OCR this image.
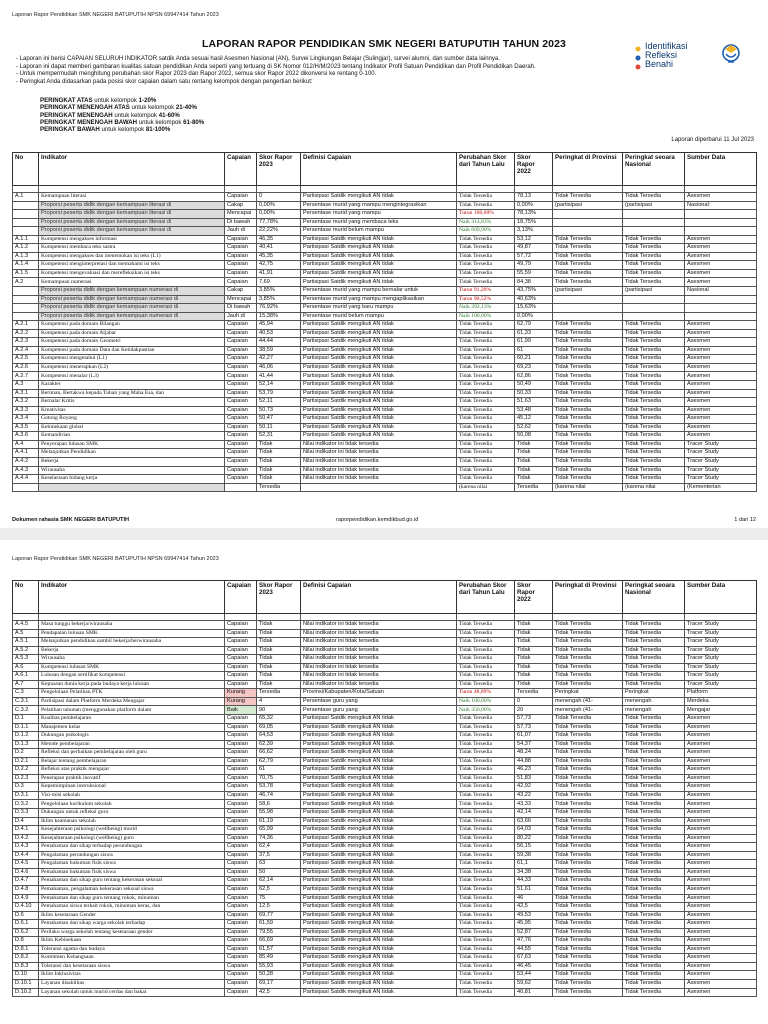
Laporan Rapor Pendidikan SMK NEGERI BATUPUTIH NPSN 69947414 Tahun 2023
LAPORAN RAPOR PENDIDIKAN SMK NEGERI BATUPUTIH TAHUN 2023	Identifikasi
Refleksi
Benahi

- Laporan ini berisi CAPAIAN SELURUH INDIKATOR satdik Anda sesuai hasil Asesmen Nasional (AN), Survei Lingkungan Belajar (Sulingjar), survei alumni, dan sumber data lainnya.

- Laporan ini dapat memberi gambaran kualitas satuan pendidikan Anda seperti yang tertuang di SK Nomor 012/H/M/2023 tentang Indikator Profil Satuan Pendidikan dan Profil Pendidikan Daerah.

- Untuk mempermudah menghitung perubahan skor Rapor 2023 dan Rapor 2022, semua skor Rapor 2022 dikonversi ke rentang 0-100.

- Peringkat Anda didasarkan pada posisi skor capaian dalam satu rentang kelompok dengan pengertian berikut:

PERINGKAT ATAS untuk kelompok 1-20%
PERINGKAT MENENGAH ATAS untuk kelompok 21-40%
PERINGKAT MENENGAH untuk kelompok 41-60%
PERINGKAT MENENGAH BAWAH untuk kelompok 61-80%
PERINGKAT BAWAH untuk kelompok 81-100%
Laporan diperbarui 11 Jul 2023
No	Indikator	Capaian	Skor Rapor 2023	Definisi Capaian	Perubahan Skor dari Tahun Lalu	Skor Rapor 2022	Peringkat di Provinsi	Peringkat seoara Nasional	Sumber Data

A.1	Kemampuan literasi	Capaian	0	Partisipasi Satdik mengikuti AN tidak	Tidak Tersedia	78,13	Tidak Tersedia	Tidak Tersedia	Asesmen
	Proporsi peserta didik dengan kemampuan literasi di	Cakap	0,00%	Persentase murid yang mampu mengintegrasikan	Tidak Tersedia	0,00%	(partisipasi	(partisipasi	Nasional:
	Proporsi peserta didik dengan kemampuan literasi di	Mencapai	0,00%	Persentase murid yang mampu	Turun 100,00%	78,13%			
	Proporsi peserta didik dengan kemampuan literasi di	Di bawah	77,78%	Persentase murid yang membaca teks	Naik 314,83%	18,75%			
	Proporsi peserta didik dengan kemampuan literasi di	Jauh di	22,22%	Persentase murid belum mampu	Naik 609,90%	3,13%			
A.1.1	Kompetensi mengakses informasi	Capaian	46,35	Partisipasi Satdik mengikuti AN tidak	Tidak Tersedia	53,12	Tidak Tersedia	Tidak Tersedia	Asesmen
A.1.2	Kompetensi membaca teks sastra	Capaian	40,41	Partisipasi Satdik mengikuti AN tidak	Tidak Tersedia	49,87	Tidak Tersedia	Tidak Tersedia	Asesmen
A.1.3	Kompetensi mengakses dan menemukan isi teks (L1)	Capaian	45,35	Partisipasi Satdik mengikuti AN tidak	Tidak Tersedia	57,72	Tidak Tersedia	Tidak Tersedia	Asesmen
A.1.4	Kompetensi menginterpretasi dan memahami isi teks	Capaian	42,75	Partisipasi Satdik mengikuti AN tidak	Tidak Tersedia	49,79	Tidak Tersedia	Tidak Tersedia	Asesmen
A.1.5	Kompetensi mengevaluasi dan merefleksikan isi teks	Capaian	41,91	Partisipasi Satdik mengikuti AN tidak	Tidak Tersedia	55,59	Tidak Tersedia	Tidak Tersedia	Asesmen
A.2	Kemampuan numerasi	Capaian	7,69	Partisipasi Satdik mengikuti AN tidak	Tidak Tersedia	84,38	Tidak Tersedia	Tidak Tersedia	Asesmen
	Proporsi peserta didik dengan kemampuan numerasi di	Cakap	3,85%	Persentase murid yang mampu bernalar untuk	Turun 91,20%	43,75%	(partisipasi	(partisipasi	Nasional
	Proporsi peserta didik dengan kemampuan numerasi di	Mencapai	3,85%	Persentase murid yang mampu mengaplikasikan	Turun 90,52%	40,63%			
	Proporsi peserta didik dengan kemampuan numerasi di	Di bawah	76,92%	Persentase murid yang baru mampu	Naik 392,13%	15,63%			
	Proporsi peserta didik dengan kemampuan numerasi di	Jauh di	15,38%	Persentase murid belum mampu	Naik 100,00%	0,00%			
A.2.1	Kompetensi pada domain Bilangan	Capaian	45,94	Partisipasi Satdik mengikuti AN tidak	Tidak Tersedia	62,79	Tidak Tersedia	Tidak Tersedia	Asesmen
A.2.2	Kompetensi pada domain Aljabar	Capaian	40,53	Partisipasi Satdik mengikuti AN tidak	Tidak Tersedia	61,33	Tidak Tersedia	Tidak Tersedia	Asesmen
A.2.3	Kompetensi pada domain Geometri	Capaian	44,44	Partisipasi Satdik mengikuti AN tidak	Tidak Tersedia	61,99	Tidak Tersedia	Tidak Tersedia	Asesmen
A.2.4	Kompetensi pada domain Data dan Ketidakpastian	Capaian	38,59	Partisipasi Satdik mengikuti AN tidak	Tidak Tersedia	61	Tidak Tersedia	Tidak Tersedia	Asesmen
A.2.5	Kompetensi mengetahui (L1)	Capaian	42,27	Partisipasi Satdik mengikuti AN tidak	Tidak Tersedia	60,21	Tidak Tersedia	Tidak Tersedia	Asesmen
A.2.6	Kompetensi menerapkan (L2)	Capaian	46,06	Partisipasi Satdik mengikuti AN tidak	Tidak Tersedia	69,23	Tidak Tersedia	Tidak Tersedia	Asesmen
A.2.7	Kompetensi menalar (L3)	Capaian	41,44	Partisipasi Satdik mengikuti AN tidak	Tidak Tersedia	62,86	Tidak Tersedia	Tidak Tersedia	Asesmen
A.3	Karakter	Capaian	52,14	Partisipasi Satdik mengikuti AN tidak	Tidak Tersedia	50,49	Tidak Tersedia	Tidak Tersedia	Asesmen
A.3.1	Beriman, Bertakwa kepada Tuhan yang Maha Esa, dan	Capaian	53,79	Partisipasi Satdik mengikuti AN tidak	Tidak Tersedia	50,33	Tidak Tersedia	Tidak Tersedia	Asesmen
A.3.2	Bernalar Kritis	Capaian	52,11	Partisipasi Satdik mengikuti AN tidak	Tidak Tersedia	51,63	Tidak Tersedia	Tidak Tersedia	Asesmen
A.3.3	Kreativitas	Capaian	50,73	Partisipasi Satdik mengikuti AN tidak	Tidak Tersedia	53,48	Tidak Tersedia	Tidak Tersedia	Asesmen
A.3.4	Gotong Royong	Capaian	50,47	Partisipasi Satdik mengikuti AN tidak	Tidak Tersedia	45,12	Tidak Tersedia	Tidak Tersedia	Asesmen
A.3.5	Kebinekaan global	Capaian	50,11	Partisipasi Satdik mengikuti AN tidak	Tidak Tersedia	52,62	Tidak Tersedia	Tidak Tersedia	Asesmen
A.3.6	Kemandirian	Capaian	52,31	Partisipasi Satdik mengikuti AN tidak	Tidak Tersedia	50,08	Tidak Tersedia	Tidak Tersedia	Asesmen
A.4	Penyerapan lulusan SMK	Capaian	Tidak	Nilai indikator ini tidak tersedia	Tidak Tersedia	Tidak	Tidak Tersedia	Tidak Tersedia	Tracer Study
A.4.1	Melanjutkan Pendidikan	Capaian	Tidak	Nilai indikator ini tidak tersedia	Tidak Tersedia	Tidak	Tidak Tersedia	Tidak Tersedia	Tracer Study
A.4.2	Bekerja	Capaian	Tidak	Nilai indikator ini tidak tersedia	Tidak Tersedia	Tidak	Tidak Tersedia	Tidak Tersedia	Tracer Study
A.4.3	Wirausaha	Capaian	Tidak	Nilai indikator ini tidak tersedia	Tidak Tersedia	Tidak	Tidak Tersedia	Tidak Tersedia	Tracer Study
A.4.4	Keselarasan bidang kerja	Capaian	Tidak	Nilai indikator ini tidak tersedia	Tidak Tersedia	Tidak	Tidak Tersedia	Tidak Tersedia	Tracer Study
			Tersedia		(karena nilai	Tersedia	(karena nilai	(karena nilai	(Kementerian
Dokumen rahasia SMK NEGERI BATUPUTIH	raporpendidikan.kemdikbud.go.id	1 dari 12
Laporan Rapor Pendidikan SMK NEGERI BATUPUTIH NPSN 69947414 Tahun 2023
No	Indikator	Capaian	Skor Rapor 2023	Definisi Capaian	Perubahan Skor dari Tahun Lalu	Skor Rapor 2022	Peringkat di Provinsi	Peringkat seoara Nasional	Sumber Data

A.4.5	Masa tunggu bekerja/wirausaha	Capaian	Tidak	Nilai indikator ini tidak tersedia	Tidak Tersedia	Tidak	Tidak Tersedia	Tidak Tersedia	Tracer Study
A.5	Pendapatan lulusan SMK	Capaian	Tidak	Nilai indikator ini tidak tersedia	Tidak Tersedia	Tidak	Tidak Tersedia	Tidak Tersedia	Tracer Study
A.5.1	Melanjutkan pendidikan sambil bekerja/berwirausaha	Capaian	Tidak	Nilai indikator ini tidak tersedia	Tidak Tersedia	Tidak	Tidak Tersedia	Tidak Tersedia	Tracer Study
A.5.2	Bekerja	Capaian	Tidak	Nilai indikator ini tidak tersedia	Tidak Tersedia	Tidak	Tidak Tersedia	Tidak Tersedia	Tracer Study
A.5.3	Wirausaha	Capaian	Tidak	Nilai indikator ini tidak tersedia	Tidak Tersedia	Tidak	Tidak Tersedia	Tidak Tersedia	Tracer Study
A.6	Kompetensi lulusan SMK	Capaian	Tidak	Nilai indikator ini tidak tersedia	Tidak Tersedia	Tidak	Tidak Tersedia	Tidak Tersedia	Tracer Study
A.6.1	Lulusan dengan sertifikat kompetensi	Capaian	Tidak	Nilai indikator ini tidak tersedia	Tidak Tersedia	Tidak	Tidak Tersedia	Tidak Tersedia	Tracer Study
A.7	Kepuasan dunia kerja pada budaya kerja lulusan	Capaian	Tidak	Nilai indikator ini tidak tersedia	Tidak Tersedia	Tidak	Tidak Tersedia	Tidak Tersedia	Tracer Study
C.3	Pengelolaan Pelatihan PTK	Kurang	Tersedia	Provinsi/Kabupaten/Kota/Satuan	Turun 48,89%	Tersedia	Peringkat	Peringkat	Platform
C.3.1	Partisipasi dalam Platform Merdeka Mengajar	Kurang	4	Persentase guru yang	Naik 100,00%	0	menengah (41-	menengah	Merdeka
C.3.2	Pelatihan tahunan (menggunakan platform dalam	Baik	90	Persentase guru yang	Naik 350,00%	20	menengah (41-	menengah	Mengajar
D.1	Kualitas pembelajaran	Capaian	65,32	Partisipasi Satdik mengikuti AN tidak	Tidak Tersedia	57,73	Tidak Tersedia	Tidak Tersedia	Asesmen
D.1.1	Manajemen kelas	Capaian	69,05	Partisipasi Satdik mengikuti AN tidak	Tidak Tersedia	57,73	Tidak Tersedia	Tidak Tersedia	Asesmen
D.1.2	Dukungan psikologis	Capaian	64,53	Partisipasi Satdik mengikuti AN tidak	Tidak Tersedia	61,07	Tidak Tersedia	Tidak Tersedia	Asesmen
D.1.3	Metode pembelajaran	Capaian	62,39	Partisipasi Satdik mengikuti AN tidak	Tidak Tersedia	54,37	Tidak Tersedia	Tidak Tersedia	Asesmen
D.2	Refleksi dan perbaikan pembelajaran oleh guru	Capaian	66,62	Partisipasi Satdik mengikuti AN tidak	Tidak Tersedia	48,24	Tidak Tersedia	Tidak Tersedia	Asesmen
D.2.1	Belajar tentang pembelajaran	Capaian	62,79	Partisipasi Satdik mengikuti AN tidak	Tidak Tersedia	44,88	Tidak Tersedia	Tidak Tersedia	Asesmen
D.2.2	Refleksi atas praktik mengajar	Capaian	61	Partisipasi Satdik mengikuti AN tidak	Tidak Tersedia	46,23	Tidak Tersedia	Tidak Tersedia	Asesmen
D.2.3	Penerapan praktik inovatif	Capaian	70,75	Partisipasi Satdik mengikuti AN tidak	Tidak Tersedia	51,83	Tidak Tersedia	Tidak Tersedia	Asesmen
D.3	Kepemimpinan instruksional	Capaian	53,78	Partisipasi Satdik mengikuti AN tidak	Tidak Tersedia	42,92	Tidak Tersedia	Tidak Tersedia	Asesmen
D.3.1	Visi-misi sekolah	Capaian	46,74	Partisipasi Satdik mengikuti AN tidak	Tidak Tersedia	43,22	Tidak Tersedia	Tidak Tersedia	Asesmen
D.3.2	Pengelolaan kurikulum sekolah	Capaian	58,6	Partisipasi Satdik mengikuti AN tidak	Tidak Tersedia	43,33	Tidak Tersedia	Tidak Tersedia	Asesmen
D.3.3	Dukungan untuk refleksi guru	Capaian	55,98	Partisipasi Satdik mengikuti AN tidak	Tidak Tersedia	42,14	Tidak Tersedia	Tidak Tersedia	Asesmen
D.4	Iklim keamanan sekolah	Capaian	61,19	Partisipasi Satdik mengikuti AN tidak	Tidak Tersedia	63,66	Tidak Tersedia	Tidak Tersedia	Asesmen
D.4.1	Kesejahteraan psikologi (wellbeing) murid	Capaian	65,99	Partisipasi Satdik mengikuti AN tidak	Tidak Tersedia	64,03	Tidak Tersedia	Tidak Tersedia	Asesmen
D.4.2	Kesejahteraan psikologi (wellbeing) guru	Capaian	74,36	Partisipasi Satdik mengikuti AN tidak	Tidak Tersedia	80,22	Tidak Tersedia	Tidak Tersedia	Asesmen
D.4.3	Pemahaman dan sikap terhadap perundungan	Capaian	62,4	Partisipasi Satdik mengikuti AN tidak	Tidak Tersedia	56,15	Tidak Tersedia	Tidak Tersedia	Asesmen
D.4.4	Pengalaman perundungan siswa	Capaian	37,5	Partisipasi Satdik mengikuti AN tidak	Tidak Tersedia	59,38	Tidak Tersedia	Tidak Tersedia	Asesmen
D.4.5	Pengalaman hukuman fisik siswa	Capaian	63	Partisipasi Satdik mengikuti AN tidak	Tidak Tersedia	61,1	Tidak Tersedia	Tidak Tersedia	Asesmen
D.4.6	Pemahaman hukuman fisik siswa	Capaian	50	Partisipasi Satdik mengikuti AN tidak	Tidak Tersedia	34,38	Tidak Tersedia	Tidak Tersedia	Asesmen
D.4.7	Pemahaman dan sikap guru tentang kekerasan seksual	Capaian	62,14	Partisipasi Satdik mengikuti AN tidak	Tidak Tersedia	44,33	Tidak Tersedia	Tidak Tersedia	Asesmen
D.4.8	Pemahaman, pengalaman kekerasan seksual siswa	Capaian	62,5	Partisipasi Satdik mengikuti AN tidak	Tidak Tersedia	51,61	Tidak Tersedia	Tidak Tersedia	Asesmen
D.4.9	Pemahaman dan sikap guru tentang rokok, minuman	Capaian	75	Partisipasi Satdik mengikuti AN tidak	Tidak Tersedia	46	Tidak Tersedia	Tidak Tersedia	Asesmen
D.4.10	Pemahaman siswa terkait rokok, minuman keras, dan	Capaian	12,5	Partisipasi Satdik mengikuti AN tidak	Tidak Tersedia	42,5	Tidak Tersedia	Tidak Tersedia	Asesmen
D.6	Iklim kesetaraan Gender	Capaian	69,77	Partisipasi Satdik mengikuti AN tidak	Tidak Tersedia	49,53	Tidak Tersedia	Tidak Tersedia	Asesmen
D.6.1	Pemahaman dan sikap warga sekolah terhadap	Capaian	61,59	Partisipasi Satdik mengikuti AN tidak	Tidak Tersedia	45,95	Tidak Tersedia	Tidak Tersedia	Asesmen
D.6.2	Perilaku warga sekolah tentang kesetaraan gender	Capaian	79,55	Partisipasi Satdik mengikuti AN tidak	Tidak Tersedia	52,87	Tidak Tersedia	Tidak Tersedia	Asesmen
D.8	Iklim Kebinekaan	Capaian	66,69	Partisipasi Satdik mengikuti AN tidak	Tidak Tersedia	47,76	Tidak Tersedia	Tidak Tersedia	Asesmen
D.8.1	Toleransi agama dan budaya	Capaian	61,57	Partisipasi Satdik mengikuti AN tidak	Tidak Tersedia	44,55	Tidak Tersedia	Tidak Tersedia	Asesmen
D.8.2	Komitmen Kebangsaan	Capaian	85,49	Partisipasi Satdik mengikuti AN tidak	Tidak Tersedia	67,63	Tidak Tersedia	Tidak Tersedia	Asesmen
D.8.3	Toleransi dan kesetaraan siswa	Capaian	55,93	Partisipasi Satdik mengikuti AN tidak	Tidak Tersedia	46,45	Tidak Tersedia	Tidak Tersedia	Asesmen
D.10	Iklim Inklusivitas	Capaian	50,28	Partisipasi Satdik mengikuti AN tidak	Tidak Tersedia	53,44	Tidak Tersedia	Tidak Tersedia	Asesmen
D.10.1	Layanan disabilitas	Capaian	69,17	Partisipasi Satdik mengikuti AN tidak	Tidak Tersedia	59,62	Tidak Tersedia	Tidak Tersedia	Asesmen
D.10.2	Layanan sekolah untuk murid cerdas dan bakat	Capaian	42,5	Partisipasi Satdik mengikuti AN tidak	Tidak Tersedia	40,81	Tidak Tersedia	Tidak Tersedia	Asesmen
